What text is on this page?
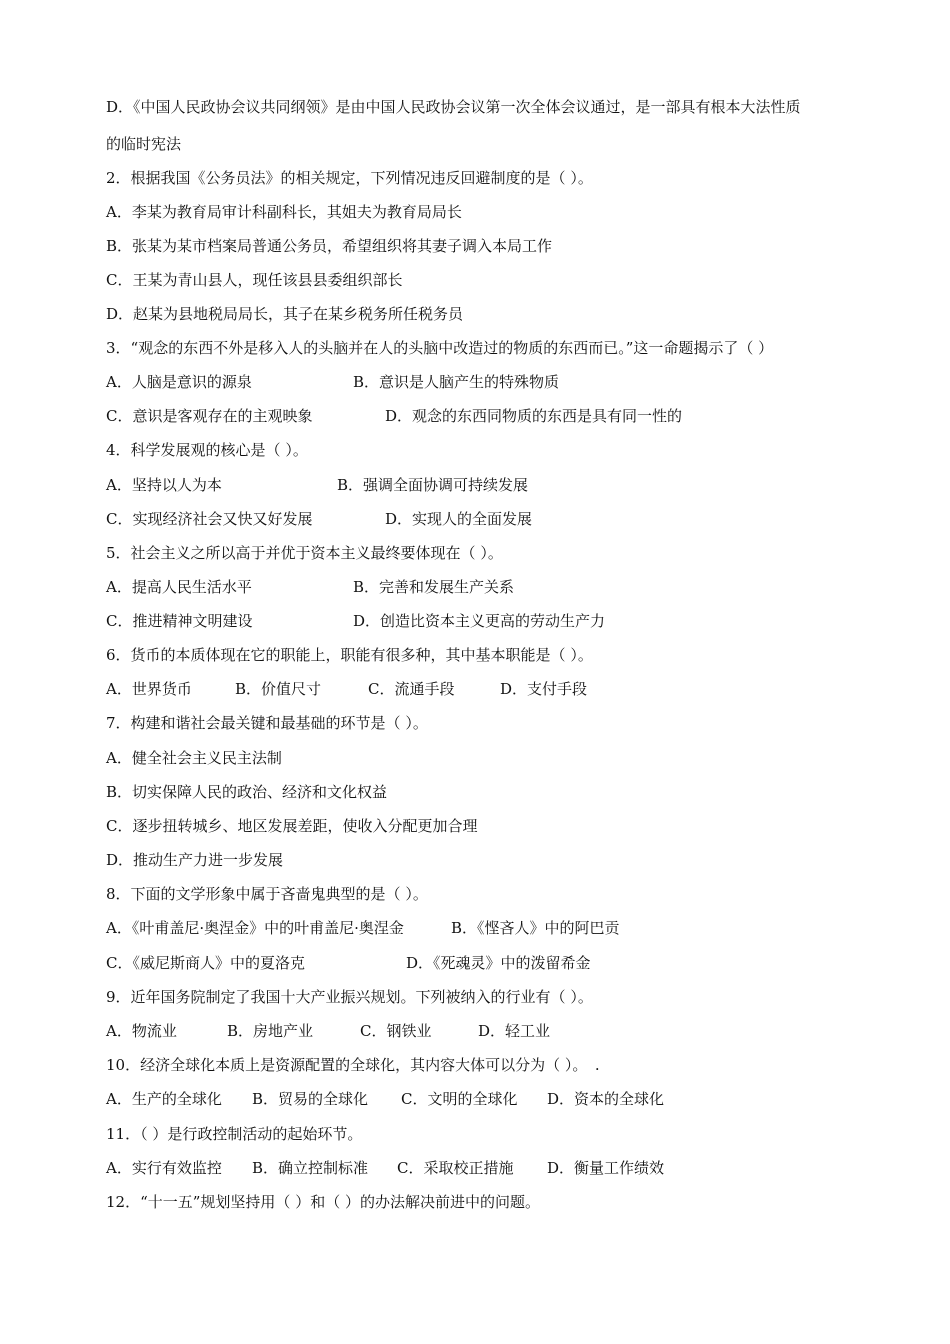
D．《中国人民政协会议共同纲领》是由中国人民政协会议第一次全体会议通过，是一部具有根本大法性质
的临时宪法
2．根据我国《公务员法》的相关规定，下列情况违反回避制度的是（ ）。
A．李某为教育局审计科副科长，其姐夫为教育局局长
B．张某为某市档案局普通公务员，希望组织将其妻子调入本局工作
C．王某为青山县人，现任该县县委组织部长
D．赵某为县地税局局长，其子在某乡税务所任税务员
3．“观念的东西不外是移入人的头脑并在人的头脑中改造过的物质的东西而已。”这一命题揭示了（ ）
A．人脑是意识的源泉	B．意识是人脑产生的特殊物质
C．意识是客观存在的主观映象	D．观念的东西同物质的东西是具有同一性的
4．科学发展观的核心是（ ）。
A．坚持以人为本	B．强调全面协调可持续发展
C．实现经济社会又快又好发展	D．实现人的全面发展
5．社会主义之所以高于并优于资本主义最终要体现在（ ）。
A．提高人民生活水平	B．完善和发展生产关系
C．推进精神文明建设	D．创造比资本主义更高的劳动生产力
6．货币的本质体现在它的职能上，职能有很多种，其中基本职能是（ ）。
A．世界货币	B．价值尺寸	C．流通手段	D．支付手段
7．构建和谐社会最关键和最基础的环节是（ ）。
A．健全社会主义民主法制
B．切实保障人民的政治、经济和文化权益
C．逐步扭转城乡、地区发展差距，使收入分配更加合理
D．推动生产力进一步发展
8．下面的文学形象中属于吝啬鬼典型的是（ ）。
A．《叶甫盖尼·奥涅金》中的叶甫盖尼·奥涅金	B．《悭吝人》中的阿巴贡
C．《威尼斯商人》中的夏洛克	D．《死魂灵》中的泼留希金
9．近年国务院制定了我国十大产业振兴规划。下列被纳入的行业有（ ）。
A．物流业	B．房地产业	C．钢铁业	D．轻工业
10．经济全球化本质上是资源配置的全球化，其内容大体可以分为（ ）。　.
A．生产的全球化 B．贸易的全球化 C．文明的全球化 D．资本的全球化
11．（ ）是行政控制活动的起始环节。
A．实行有效监控 B．确立控制标准 C．采取校正措施 D．衡量工作绩效
12．“十一五”规划坚持用（ ）和（ ）的办法解决前进中的问题。
